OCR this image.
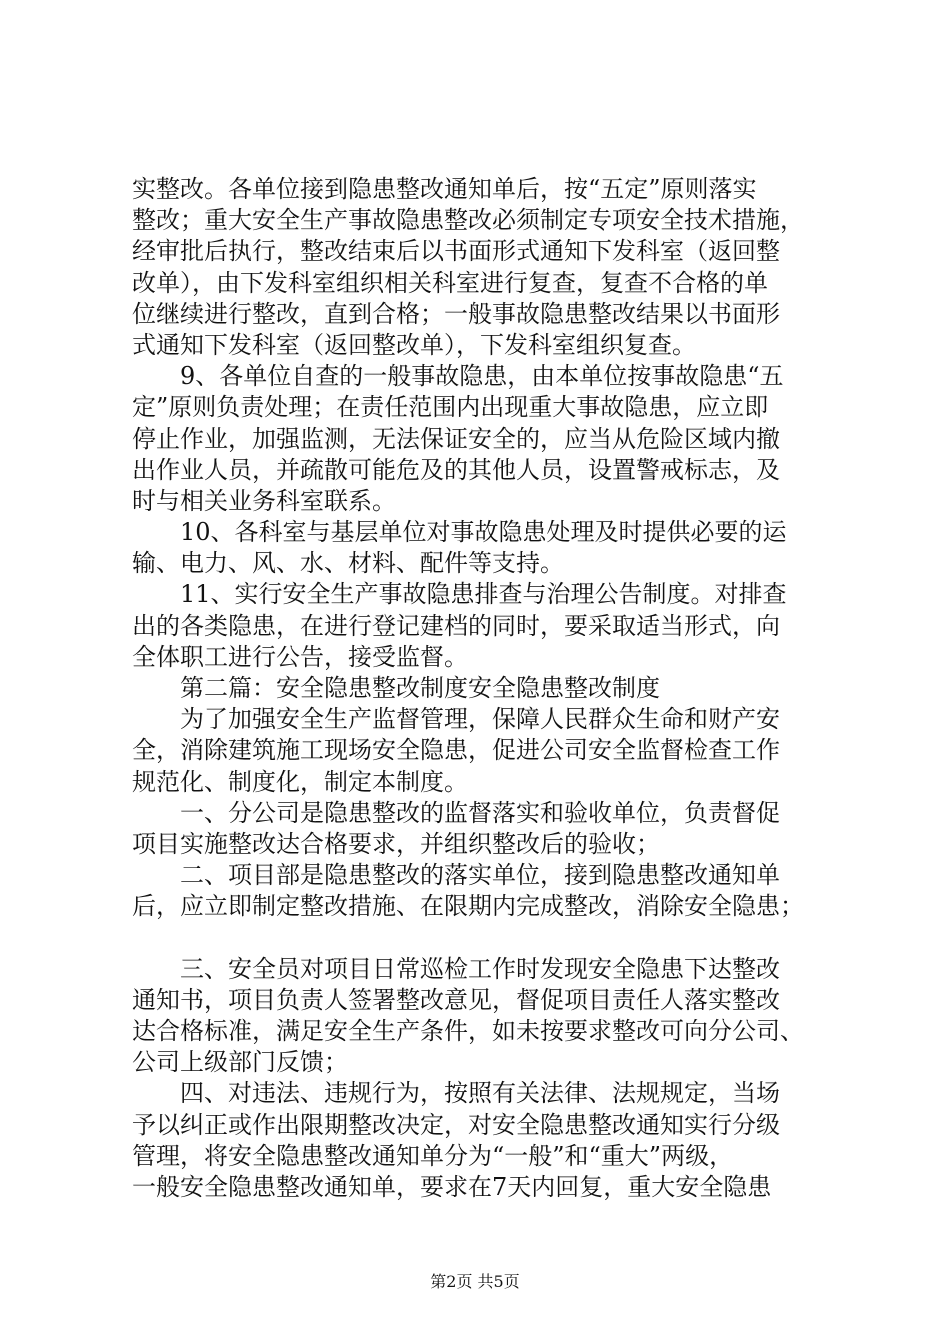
实整改。各单位接到隐患整改通知单后，按“五定”原则落实
整改；重大安全生产事故隐患整改必须制定专项安全技术措施，
经审批后执行，整改结束后以书面形式通知下发科室（返回整
改单），由下发科室组织相关科室进行复查，复查不合格的单
位继续进行整改，直到合格；一般事故隐患整改结果以书面形
式通知下发科室（返回整改单），下发科室组织复查。
　　9、各单位自查的一般事故隐患，由本单位按事故隐患“五
定”原则负责处理；在责任范围内出现重大事故隐患，应立即
停止作业，加强监测，无法保证安全的，应当从危险区域内撤
出作业人员，并疏散可能危及的其他人员，设置警戒标志，及
时与相关业务科室联系。
　　10、各科室与基层单位对事故隐患处理及时提供必要的运
输、电力、风、水、材料、配件等支持。
　　11、实行安全生产事故隐患排查与治理公告制度。对排查
出的各类隐患，在进行登记建档的同时，要采取适当形式，向
全体职工进行公告，接受监督。
　　第二篇：安全隐患整改制度安全隐患整改制度
　　为了加强安全生产监督管理，保障人民群众生命和财产安
全，消除建筑施工现场安全隐患，促进公司安全监督检查工作
规范化、制度化，制定本制度。
　　一、分公司是隐患整改的监督落实和验收单位，负责督促
项目实施整改达合格要求，并组织整改后的验收；
　　二、项目部是隐患整改的落实单位，接到隐患整改通知单
后，应立即制定整改措施、在限期内完成整改，消除安全隐患；
　　三、安全员对项目日常巡检工作时发现安全隐患下达整改
通知书，项目负责人签署整改意见，督促项目责任人落实整改
达合格标准，满足安全生产条件，如未按要求整改可向分公司、
公司上级部门反馈；
　　四、对违法、违规行为，按照有关法律、法规规定，当场
予以纠正或作出限期整改决定，对安全隐患整改通知实行分级
管理，将安全隐患整改通知单分为“一般”和“重大”两级，
一般安全隐患整改通知单，要求在7天内回复，重大安全隐患
第2页 共5页
